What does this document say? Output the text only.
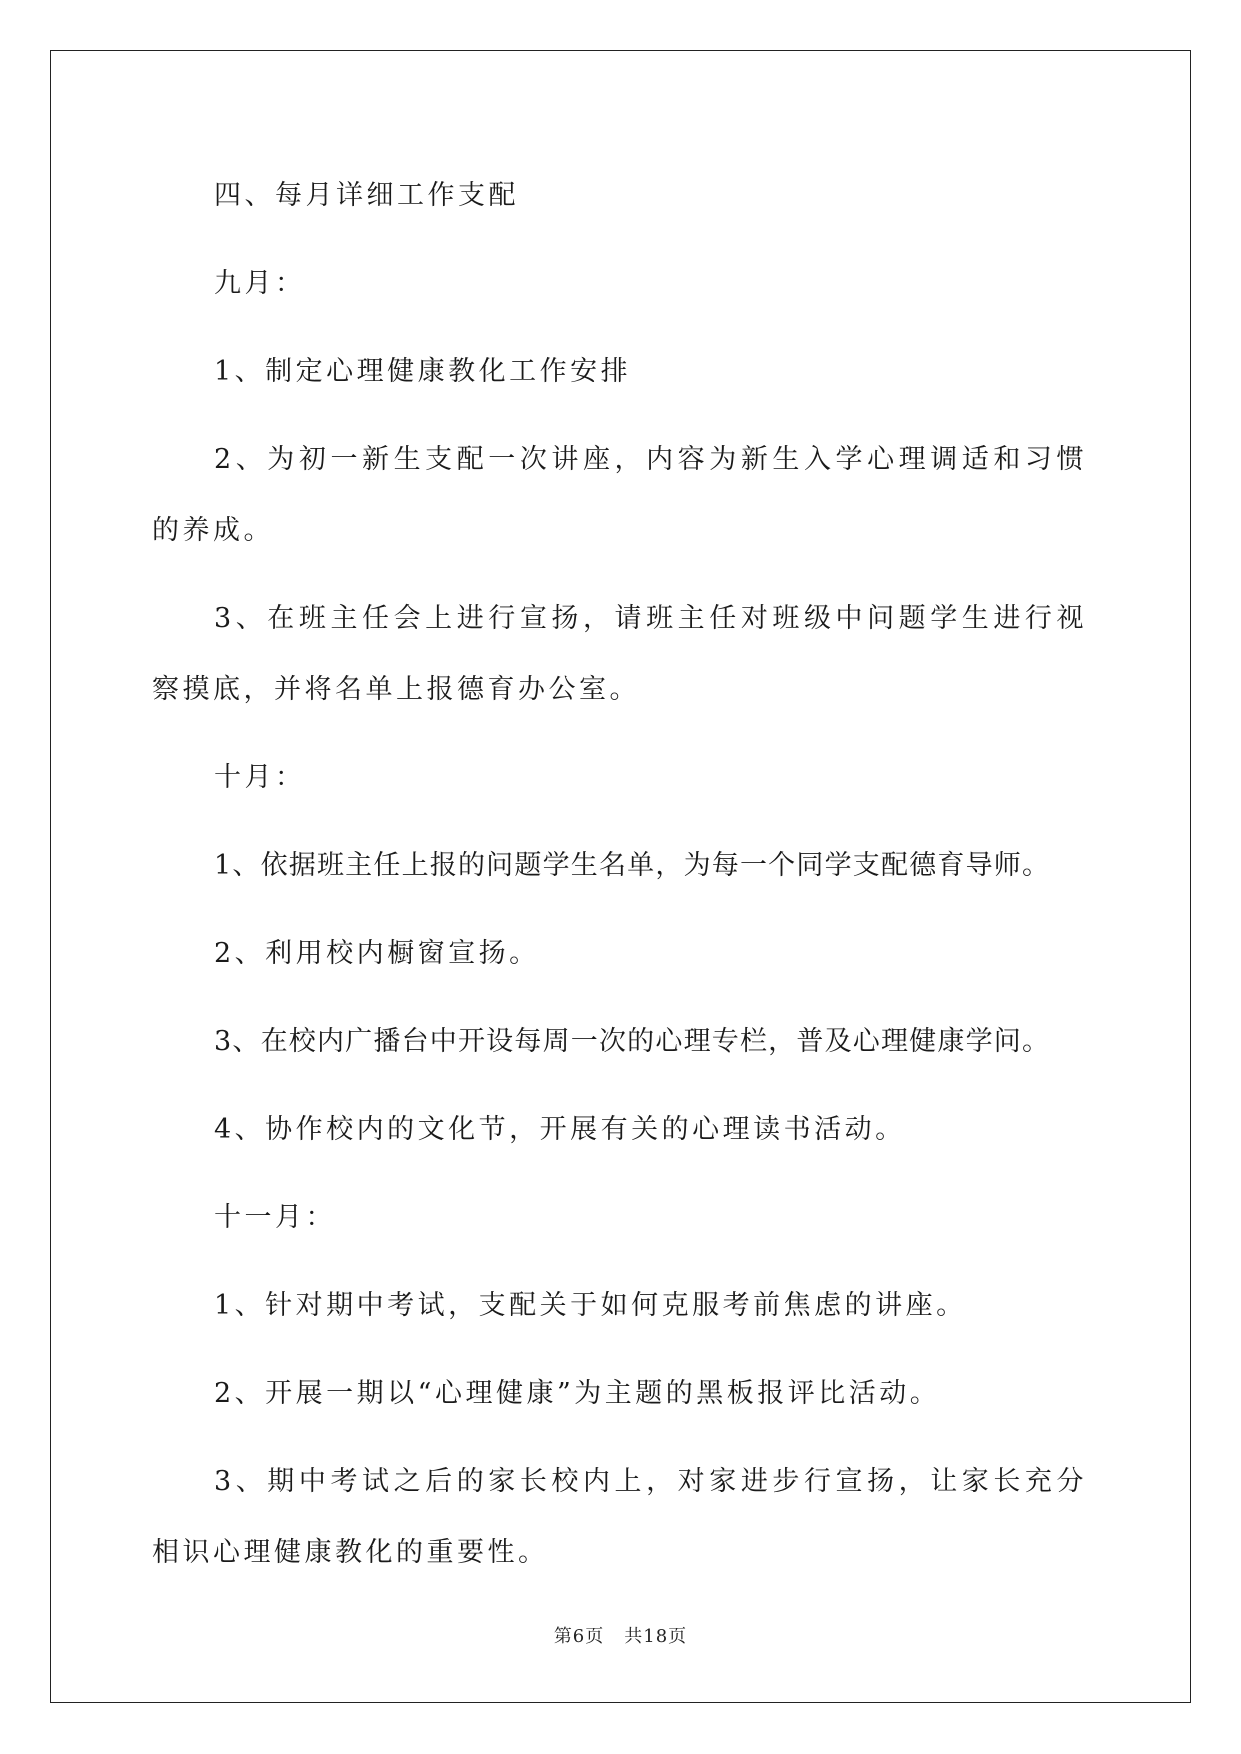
四、每月详细工作支配

九月：

1、制定心理健康教化工作安排

2、为初一新生支配一次讲座，内容为新生入学心理调适和习惯的养成。

3、在班主任会上进行宣扬，请班主任对班级中问题学生进行视察摸底，并将名单上报德育办公室。

十月：

1、依据班主任上报的问题学生名单，为每一个同学支配德育导师。

2、利用校内橱窗宣扬。

3、在校内广播台中开设每周一次的心理专栏，普及心理健康学问。

4、协作校内的文化节，开展有关的心理读书活动。

十一月：

1、针对期中考试，支配关于如何克服考前焦虑的讲座。

2、开展一期以“心理健康”为主题的黑板报评比活动。

3、期中考试之后的家长校内上，对家进步行宣扬，让家长充分相识心理健康教化的重要性。

第6页 共18页
